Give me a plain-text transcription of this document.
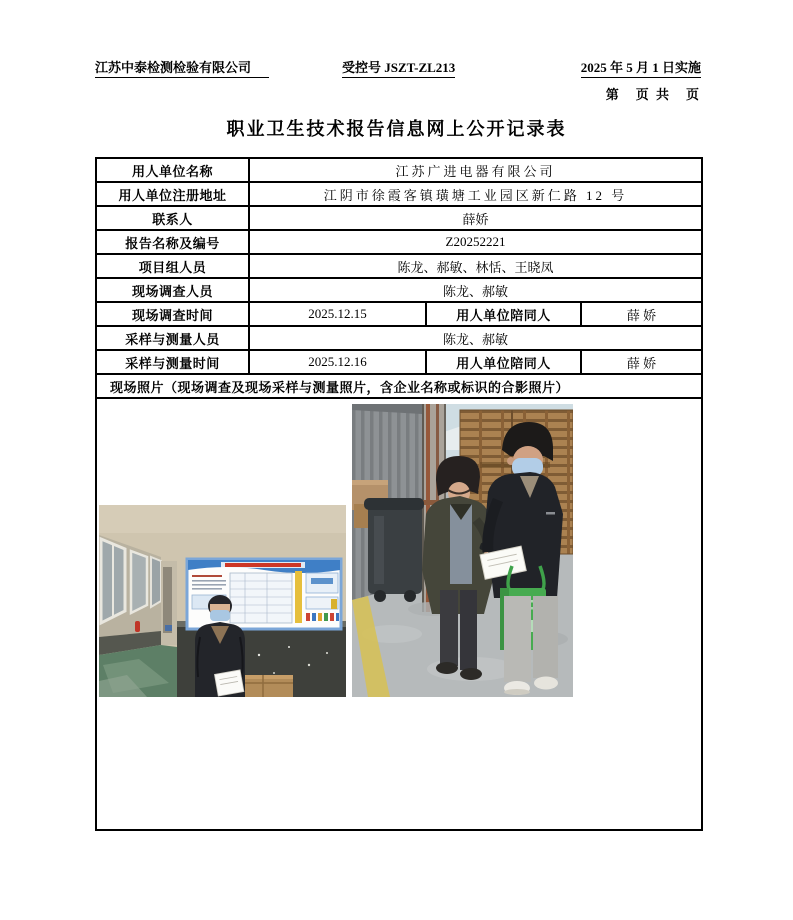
江苏中泰检测检验有限公司	受控号 JSZT-ZL213	2025 年 5 月 1 日实施
第　页 共　页
职业卫生技术报告信息网上公开记录表
用人单位名称	江苏广进电器有限公司		
用人单位注册地址	江阴市徐霞客镇璜塘工业园区新仁路 12 号		
联系人	薛娇		
报告名称及编号	Z20252221		
项目组人员	陈龙、郝敏、林恬、王晓凤		
现场调查人员	陈龙、郝敏		
现场调查时间	2025.12.15	用人单位陪同人	薛 娇
采样与测量人员	陈龙、郝敏		
采样与测量时间	2025.12.16	用人单位陪同人	薛 娇
现场照片（现场调查及现场采样与测量照片，含企业名称或标识的合影照片）			
